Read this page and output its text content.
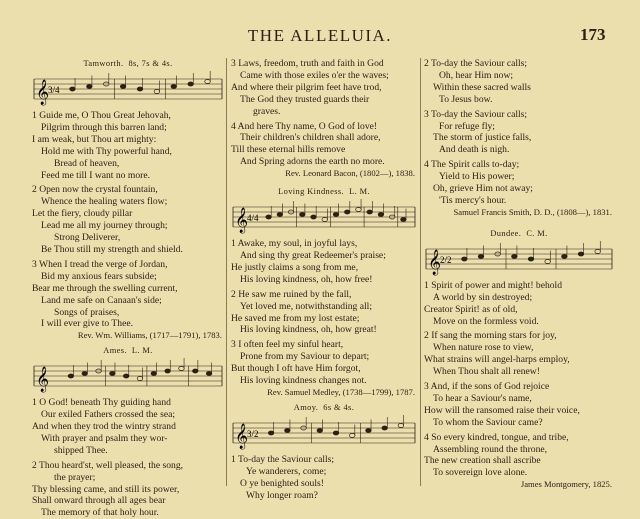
THE ALLELUIA.	173
Tamworth. 8s, 7s & 4s.
𝄞
3/4
1 Guide me, O Thou Great Jehovah,
Pilgrim through this barren land;
I am weak, but Thou art mighty:
Hold me with Thy powerful hand,
Bread of heaven,
Feed me till I want no more.
2 Open now the crystal fountain,
Whence the healing waters flow;
Let the fiery, cloudy pillar
Lead me all my journey through;
Strong Deliverer,
Be Thou still my strength and shield.
3 When I tread the verge of Jordan,
Bid my anxious fears subside;
Bear me through the swelling current,
Land me safe on Canaan's side;
Songs of praises,
I will ever give to Thee.
Rev. Wm. Williams, (1717—1791), 1783.
Ames. L. M.
𝄞
1 O God! beneath Thy guiding hand
Our exiled Fathers crossed the sea;
And when they trod the wintry strand
With prayer and psalm they wor-
shipped Thee.
2 Thou heard'st, well pleased, the song,
the prayer;
Thy blessing came, and still its power,
Shall onward through all ages bear
The memory of that holy hour.
3 Laws, freedom, truth and faith in God
Came with those exiles o'er the waves;
And where their pilgrim feet have trod,
The God they trusted guards their
graves.
4 And here Thy name, O God of love!
Their children's children shall adore,
Till these eternal hills remove
And Spring adorns the earth no more.
Rev. Leonard Bacon, (1802—), 1838.
Loving Kindness. L. M.
𝄞
4/4
1 Awake, my soul, in joyful lays,
And sing thy great Redeemer's praise;
He justly claims a song from me,
His loving kindness, oh, how free!
2 He saw me ruined by the fall,
Yet loved me, notwithstanding all;
He saved me from my lost estate;
His loving kindness, oh, how great!
3 I often feel my sinful heart,
Prone from my Saviour to depart;
But though I oft have Him forgot,
His loving kindness changes not.
Rev. Samuel Medley, (1738—1799), 1787.
Amoy. 6s & 4s.
𝄞
3/2
1 To-day the Saviour calls;
Ye wanderers, come;
O ye benighted souls!
Why longer roam?
2 To-day the Saviour calls;
Oh, hear Him now;
Within these sacred walls
To Jesus bow.
3 To-day the Saviour calls;
For refuge fly;
The storm of justice falls,
And death is nigh.
4 The Spirit calls to-day;
Yield to His power;
Oh, grieve Him not away;
'Tis mercy's hour.
Samuel Francis Smith, D. D., (1808—), 1831.
Dundee. C. M.
𝄞
2/2
1 Spirit of power and might! behold
A world by sin destroyed;
Creator Spirit! as of old,
Move on the formless void.
2 If sang the morning stars for joy,
When nature rose to view,
What strains will angel-harps employ,
When Thou shalt all renew!
3 And, if the sons of God rejoice
To hear a Saviour's name,
How will the ransomed raise their voice,
To whom the Saviour came?
4 So every kindred, tongue, and tribe,
Assembling round the throne,
The new creation shall ascribe
To sovereign love alone.
James Montgomery, 1825.
